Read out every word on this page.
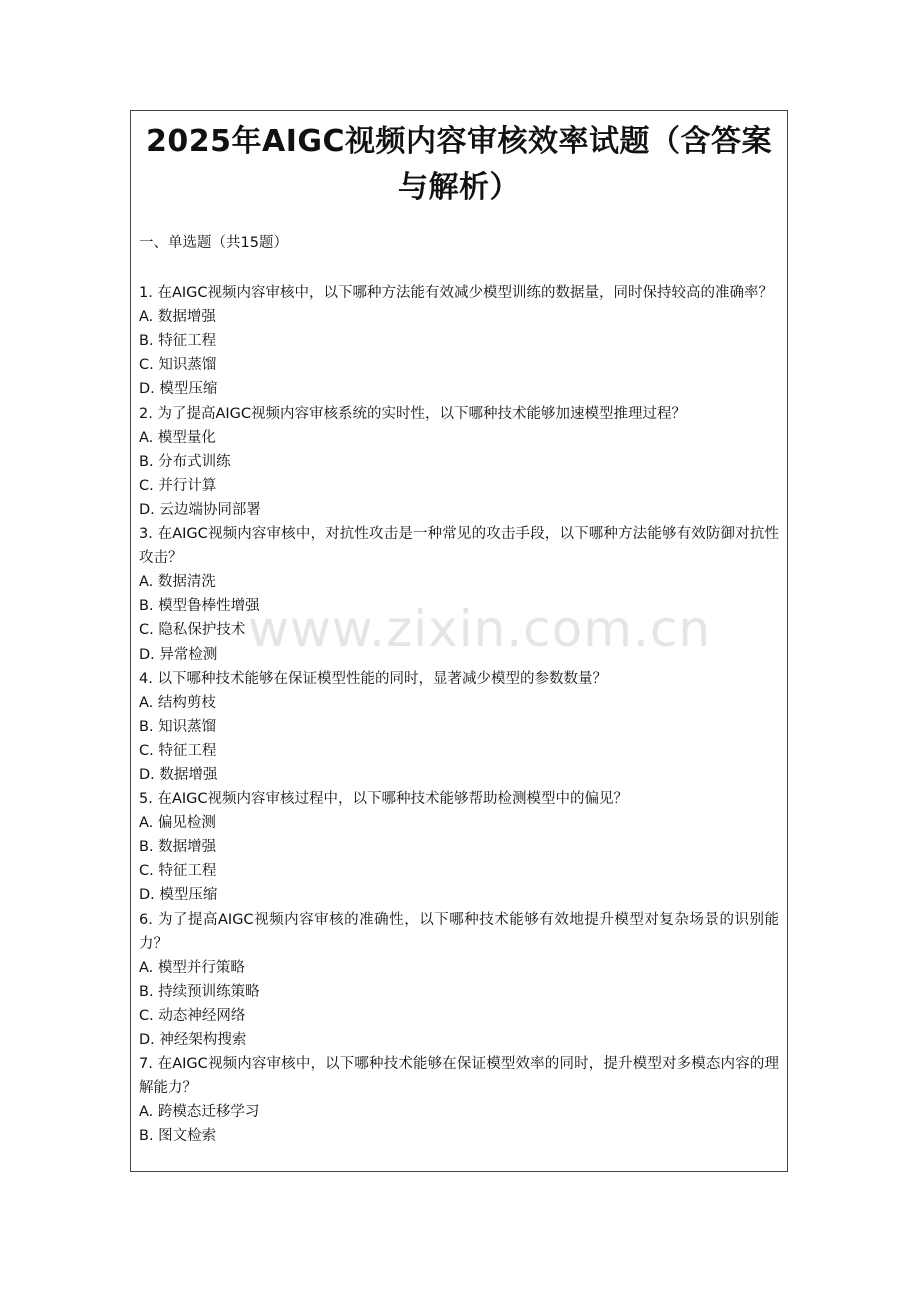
2025年AIGC视频内容审核效率试题（含答案与解析）

一、单选题（共15题）

1. 在AIGC视频内容审核中，以下哪种方法能有效减少模型训练的数据量，同时保持较高的准确率？

A. 数据增强

B. 特征工程

C. 知识蒸馏

D. 模型压缩

2. 为了提高AIGC视频内容审核系统的实时性，以下哪种技术能够加速模型推理过程？

A. 模型量化

B. 分布式训练

C. 并行计算

D. 云边端协同部署

3. 在AIGC视频内容审核中，对抗性攻击是一种常见的攻击手段，以下哪种方法能够有效防御对抗性攻击？

A. 数据清洗

B. 模型鲁棒性增强

C. 隐私保护技术

D. 异常检测

4. 以下哪种技术能够在保证模型性能的同时，显著减少模型的参数数量？

A. 结构剪枝

B. 知识蒸馏

C. 特征工程

D. 数据增强

5. 在AIGC视频内容审核过程中，以下哪种技术能够帮助检测模型中的偏见？

A. 偏见检测

B. 数据增强

C. 特征工程

D. 模型压缩

6. 为了提高AIGC视频内容审核的准确性，以下哪种技术能够有效地提升模型对复杂场景的识别能力？

A. 模型并行策略

B. 持续预训练策略

C. 动态神经网络

D. 神经架构搜索

7. 在AIGC视频内容审核中，以下哪种技术能够在保证模型效率的同时，提升模型对多模态内容的理解能力？

A. 跨模态迁移学习

B. 图文检索

www.zixin.com.cn
